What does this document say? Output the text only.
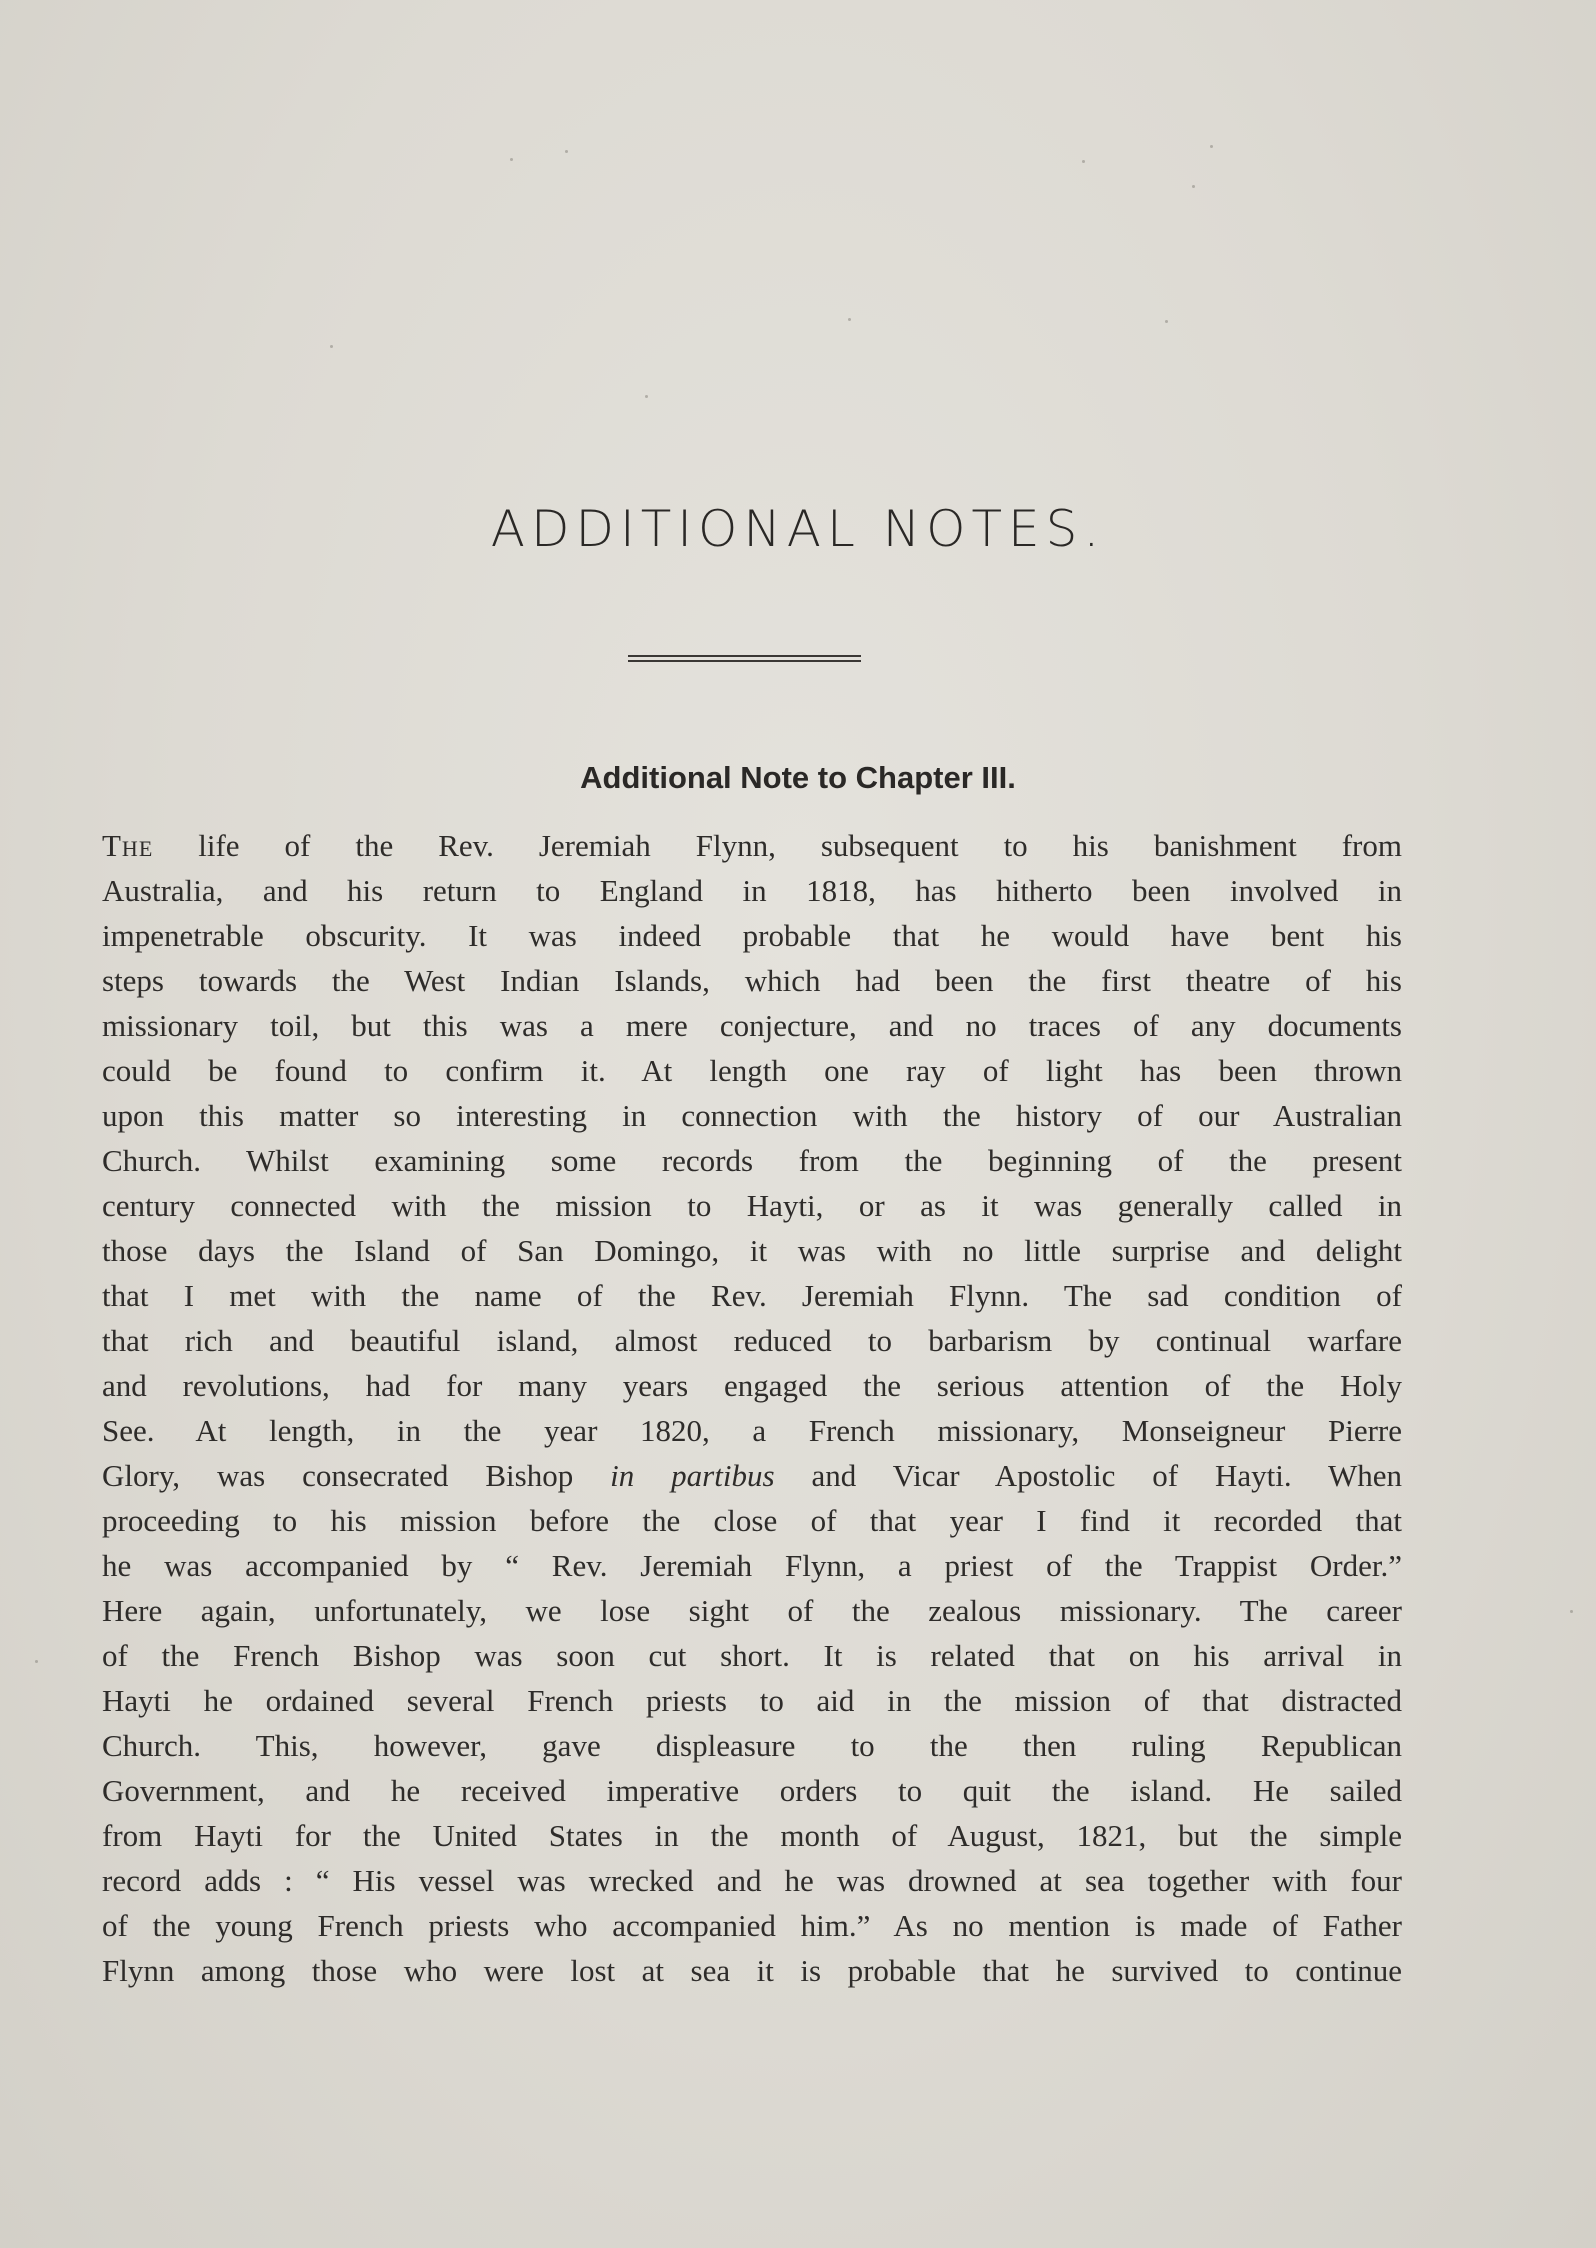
ADDITIONAL NOTES.
Additional Note to Chapter III.
The life of the Rev. Jeremiah Flynn, subsequent to his banishment from
Australia, and his return to England in 1818, has hitherto been involved in
impenetrable obscurity. It was indeed probable that he would have bent his
steps towards the West Indian Islands, which had been the first theatre of his
missionary toil, but this was a mere conjecture, and no traces of any documents
could be found to confirm it. At length one ray of light has been thrown
upon this matter so interesting in connection with the history of our Australian
Church. Whilst examining some records from the beginning of the present
century connected with the mission to Hayti, or as it was generally called in
those days the Island of San Domingo, it was with no little surprise and delight
that I met with the name of the Rev. Jeremiah Flynn. The sad condition of
that rich and beautiful island, almost reduced to barbarism by continual warfare
and revolutions, had for many years engaged the serious attention of the Holy
See. At length, in the year 1820, a French missionary, Monseigneur Pierre
Glory, was consecrated Bishop in partibus and Vicar Apostolic of Hayti. When
proceeding to his mission before the close of that year I find it recorded that
he was accompanied by “ Rev. Jeremiah Flynn, a priest of the Trappist Order.”
Here again, unfortunately, we lose sight of the zealous missionary. The career
of the French Bishop was soon cut short. It is related that on his arrival in
Hayti he ordained several French priests to aid in the mission of that distracted
Church. This, however, gave displeasure to the then ruling Republican
Government, and he received imperative orders to quit the island. He sailed
from Hayti for the United States in the month of August, 1821, but the simple
record adds : “ His vessel was wrecked and he was drowned at sea together with four
of the young French priests who accompanied him.” As no mention is made of Father
Flynn among those who were lost at sea it is probable that he survived to continue
